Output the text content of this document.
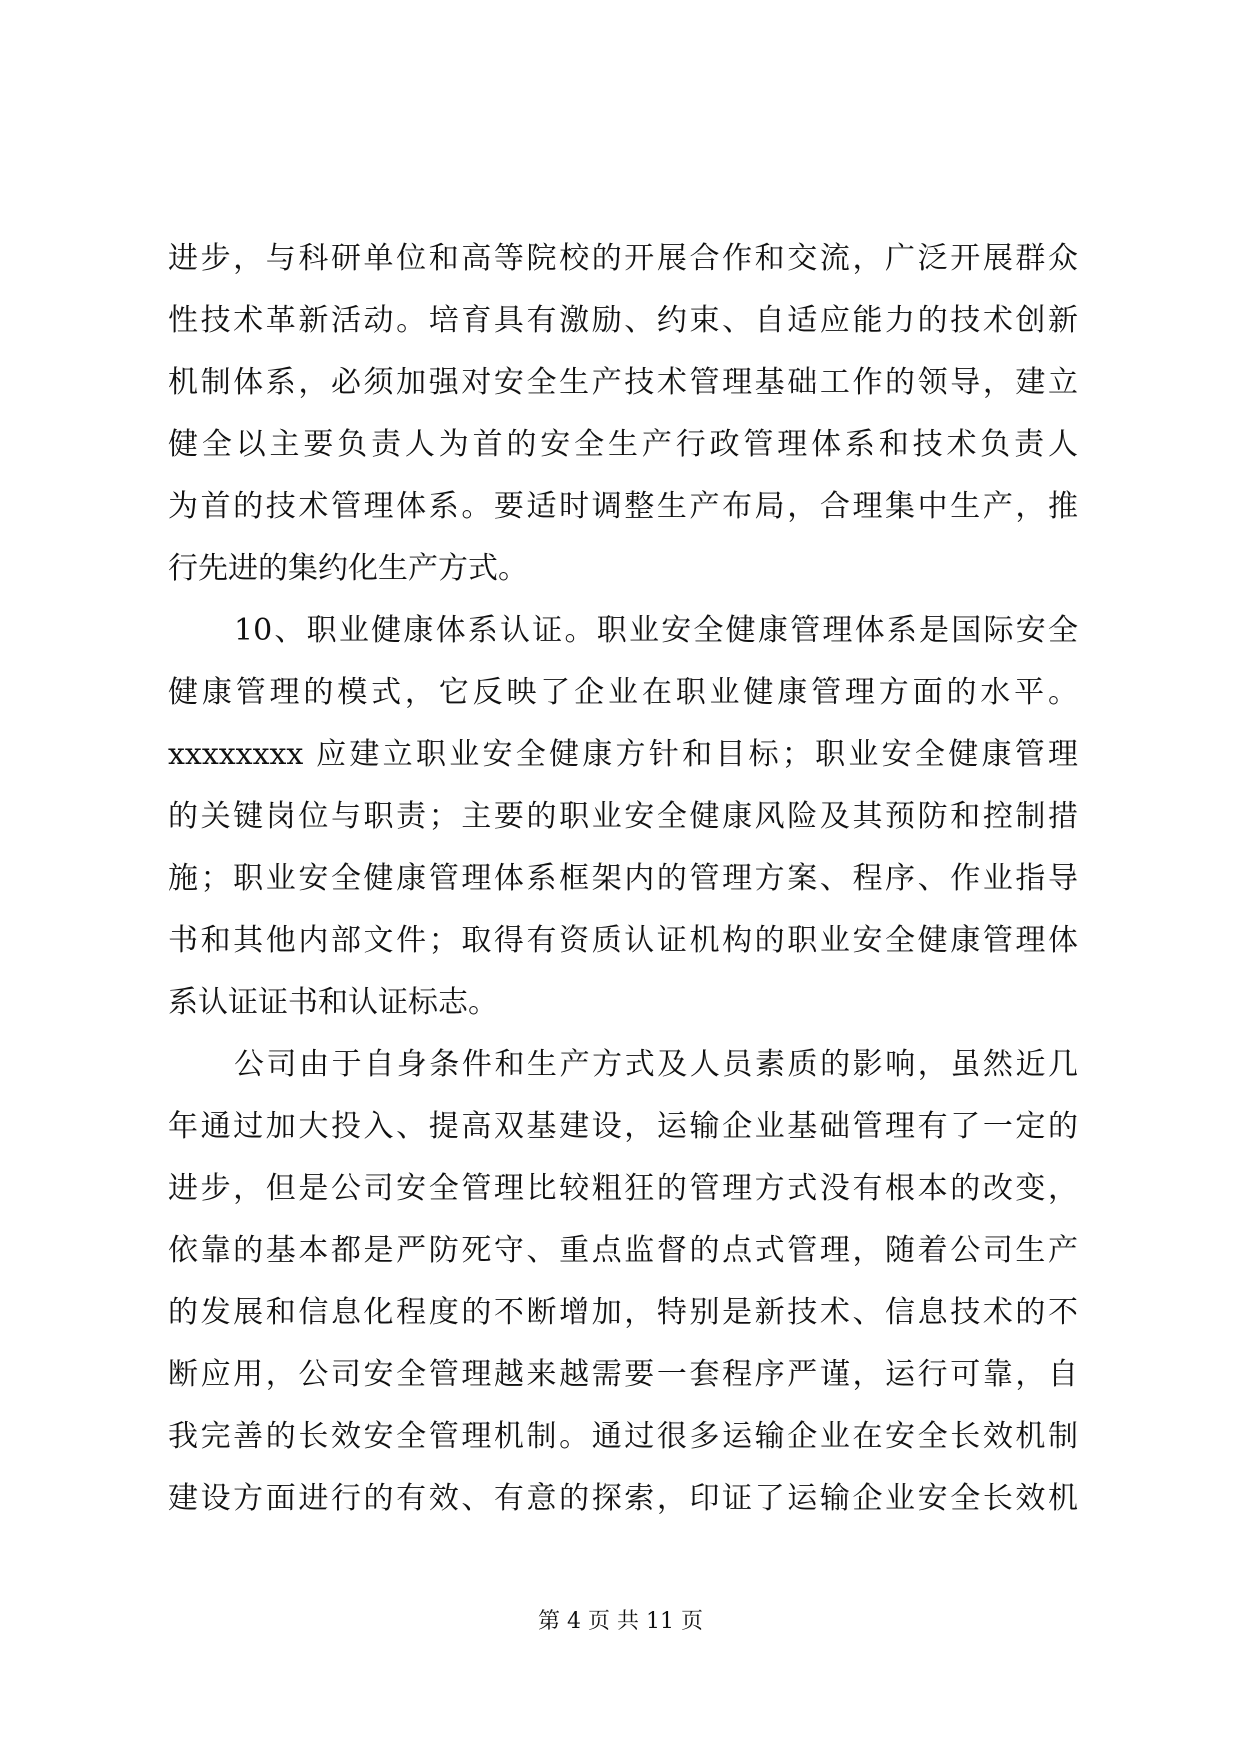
进步，与科研单位和高等院校的开展合作和交流，广泛开展群众
性技术革新活动。培育具有激励、约束、自适应能力的技术创新
机制体系，必须加强对安全生产技术管理基础工作的领导，建立
健全以主要负责人为首的安全生产行政管理体系和技术负责人
为首的技术管理体系。要适时调整生产布局，合理集中生产，推
行先进的集约化生产方式。
10、职业健康体系认证。职业安全健康管理体系是国际安全
健康管理的模式，它反映了企业在职业健康管理方面的水平。
xxxxxxxx 应建立职业安全健康方针和目标；职业安全健康管理
的关键岗位与职责；主要的职业安全健康风险及其预防和控制措
施；职业安全健康管理体系框架内的管理方案、程序、作业指导
书和其他内部文件；取得有资质认证机构的职业安全健康管理体
系认证证书和认证标志。
公司由于自身条件和生产方式及人员素质的影响，虽然近几
年通过加大投入、提高双基建设，运输企业基础管理有了一定的
进步，但是公司安全管理比较粗狂的管理方式没有根本的改变，
依靠的基本都是严防死守、重点监督的点式管理，随着公司生产
的发展和信息化程度的不断增加，特别是新技术、信息技术的不
断应用，公司安全管理越来越需要一套程序严谨，运行可靠，自
我完善的长效安全管理机制。通过很多运输企业在安全长效机制
建设方面进行的有效、有意的探索，印证了运输企业安全长效机
第 4 页 共 11 页
